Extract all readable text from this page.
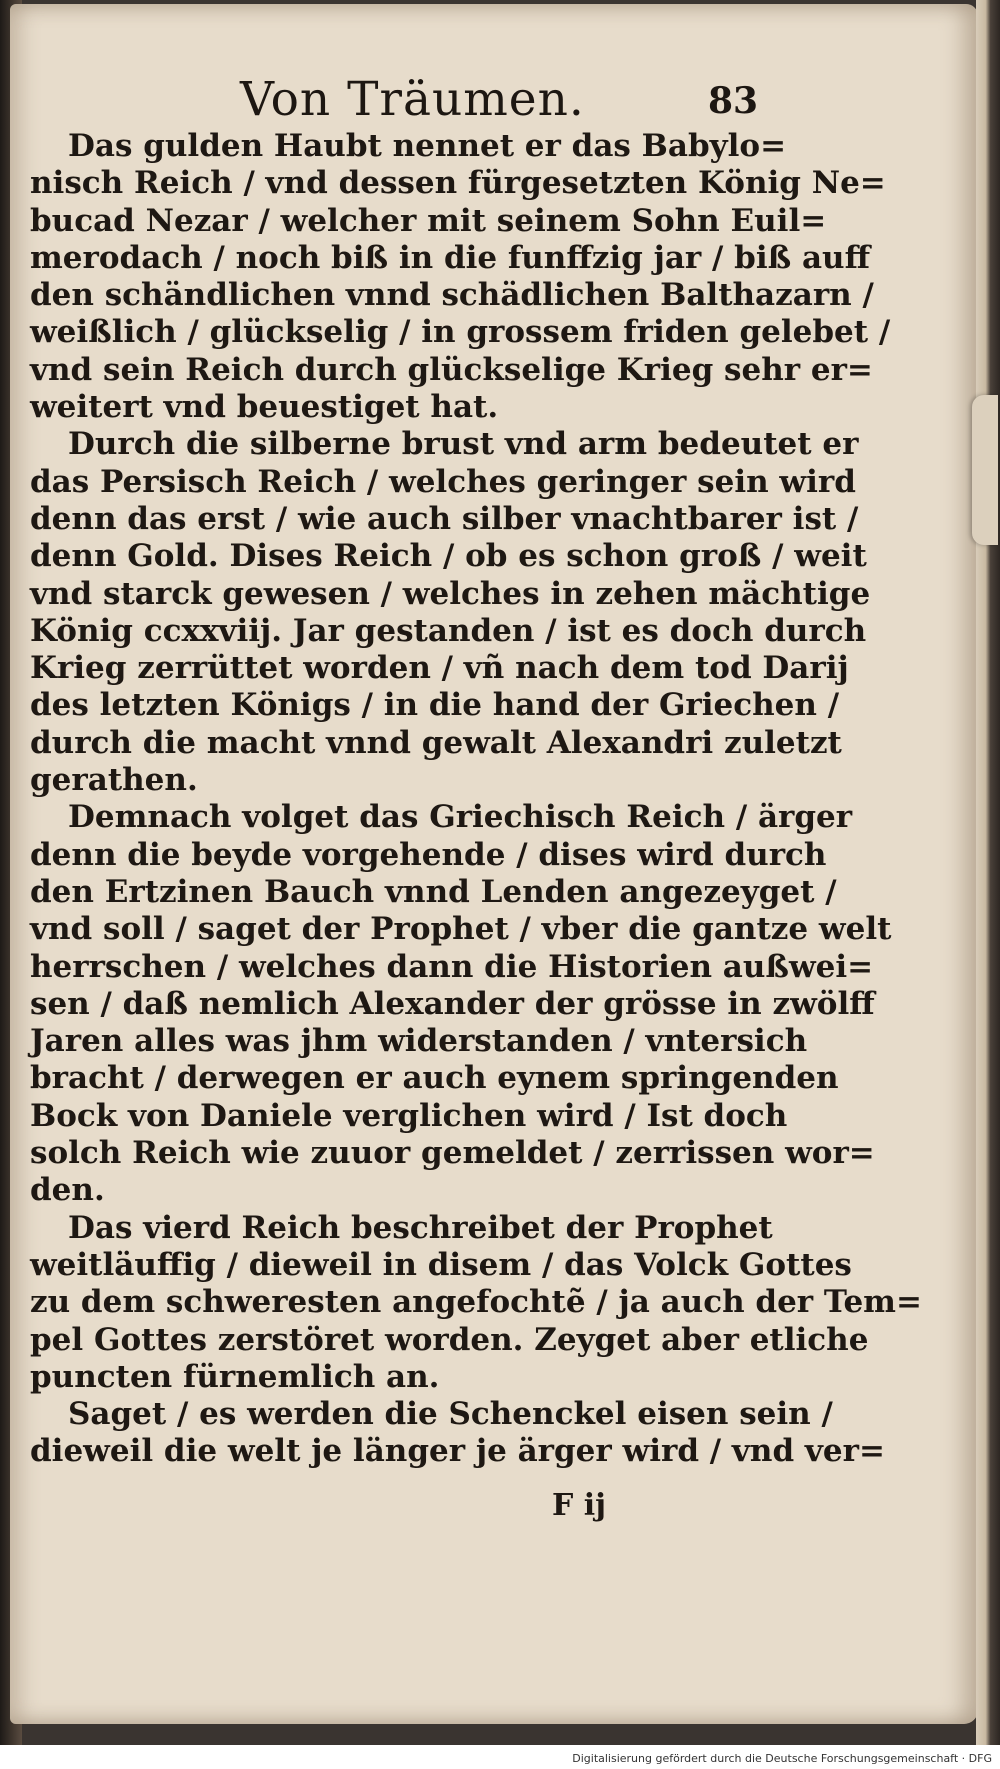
Von Träumen.	83
Das gulden Haubt nennet er das Babylo=
nisch Reich / vnd dessen fürgesetzten König Ne=
bucad Nezar / welcher mit seinem Sohn Euil=
merodach / noch biß in die funffzig jar / biß auff
den schändlichen vnnd schädlichen Balthazarn /
weißlich / glückselig / in grossem friden gelebet /
vnd sein Reich durch glückselige Krieg sehr er=
weitert vnd beuestiget hat.
Durch die silberne brust vnd arm bedeutet er
das Persisch Reich / welches geringer sein wird
denn das erst / wie auch silber vnachtbarer ist /
denn Gold. Dises Reich / ob es schon groß / weit
vnd starck gewesen / welches in zehen mächtige
König ccxxviij. Jar gestanden / ist es doch durch
Krieg zerrüttet worden / vñ nach dem tod Darij
des letzten Königs / in die hand der Griechen /
durch die macht vnnd gewalt Alexandri zuletzt
gerathen.
Demnach volget das Griechisch Reich / ärger
denn die beyde vorgehende / dises wird durch
den Ertzinen Bauch vnnd Lenden angezeyget /
vnd soll / saget der Prophet / vber die gantze welt
herrschen / welches dann die Historien außwei=
sen / daß nemlich Alexander der grösse in zwölff
Jaren alles was jhm widerstanden / vntersich
bracht / derwegen er auch eynem springenden
Bock von Daniele verglichen wird / Ist doch
solch Reich wie zuuor gemeldet / zerrissen wor=
den.
Das vierd Reich beschreibet der Prophet
weitläuffig / dieweil in disem / das Volck Gottes
zu dem schweresten angefochtẽ / ja auch der Tem=
pel Gottes zerstöret worden. Zeyget aber etliche
puncten fürnemlich an.
Saget / es werden die Schenckel eisen sein /
dieweil die welt je länger je ärger wird / vnd ver=
F ij
Digitalisierung gefördert durch die Deutsche Forschungsgemeinschaft · DFG
